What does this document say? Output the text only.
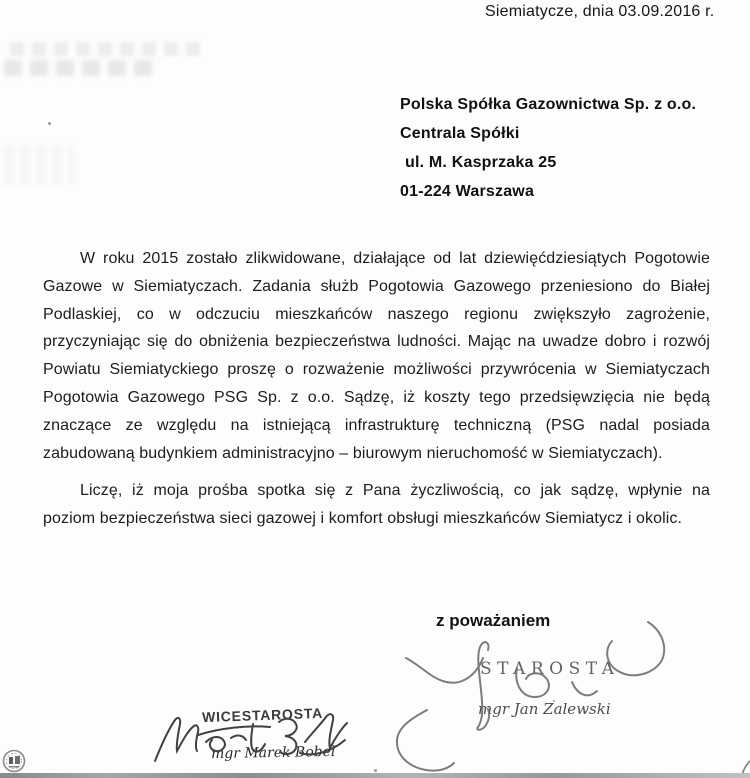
Siemiatycze, dnia 03.09.2016 r.
Polska Spółka Gazownictwa Sp. z o.o.
Centrala Spółki
ul. M. Kasprzaka 25
01-224 Warszawa
W roku 2015 zostało zlikwidowane, działające od lat dziewięćdziesiątych Pogotowie
Gazowe w Siemiatyczach. Zadania służb Pogotowia Gazowego przeniesiono do Białej
Podlaskiej, co w odczuciu mieszkańców naszego regionu zwiększyło zagrożenie,
przyczyniając się do obniżenia bezpieczeństwa ludności. Mając na uwadze dobro i rozwój
Powiatu Siemiatyckiego proszę o rozważenie możliwości przywrócenia w Siemiatyczach
Pogotowia Gazowego PSG Sp. z o.o. Sądzę, iż koszty tego przedsięwzięcia nie będą
znaczące ze względu na istniejącą infrastrukturę techniczną (PSG nadal posiada
zabudowaną budynkiem administracyjno – biurowym nieruchomość w Siemiatyczach).
Liczę, iż moja prośba spotka się z Pana życzliwością, co jak sądzę, wpłynie na
poziom bezpieczeństwa sieci gazowej i komfort obsługi mieszkańców Siemiatycz i okolic.
z poważaniem
STAROSTA
mgr Jan Zalewski
WICESTAROSTA
mgr Marek Bobel
